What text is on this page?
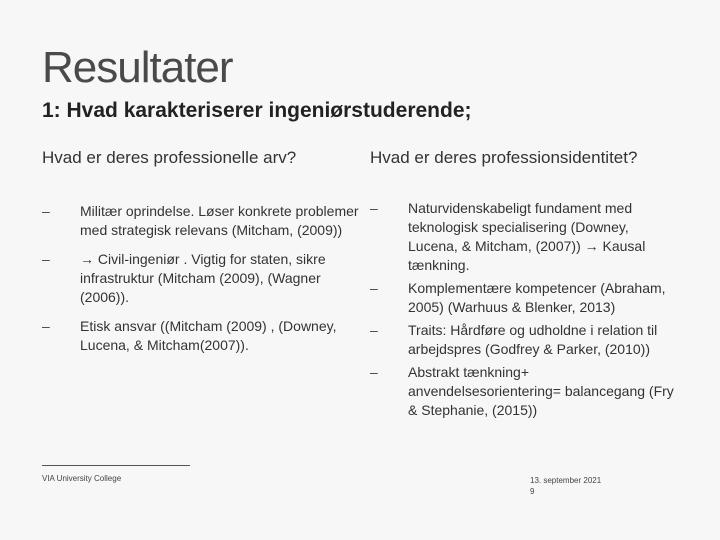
Resultater
1: Hvad karakteriserer ingeniørstuderende;
Hvad er deres professionelle arv?	Hvad er deres professionsidentitet?
– Militær oprindelse. Løser konkrete problemer med strategisk relevans (Mitcham, (2009))
– → Civil-ingeniør . Vigtig for staten, sikre infrastruktur (Mitcham (2009), (Wagner (2006)).
– Etisk ansvar ((Mitcham (2009) , (Downey, Lucena, & Mitcham(2007)).
– Naturvidenskabeligt fundament med teknologisk specialisering (Downey, Lucena, & Mitcham, (2007)) → Kausal tænkning.
– Komplementære kompetencer (Abraham, 2005) (Warhuus & Blenker, 2013)
– Traits: Hårdføre og udholdne i relation til arbejdspres (Godfrey & Parker, (2010))
– Abstrakt tænkning+ anvendelsesorientering= balancegang (Fry & Stephanie, (2015))
VIA University College	13. september 2021
9
